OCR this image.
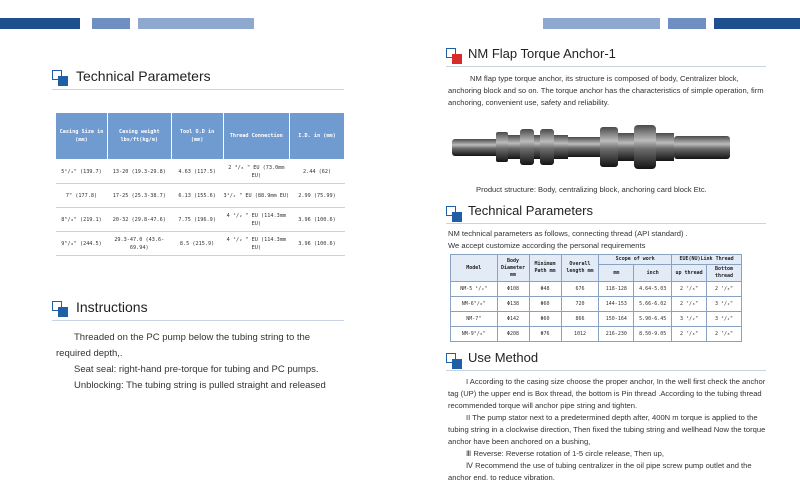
Technical Parameters
Casing Size in (mm)	Casing weight lbs/ft(kg/m)	Tool O.D in (mm)	Thread Connection	I.D. in (mm)
5¹/₂" (139.7)	13-20 (19.3-29.8)	4.63 (117.5)	2 ³/₈ " EU (73.0mm EU)	2.44 (62)
7" (177.8)	17-25 (25.3-38.7)	6.13 (155.6)	3¹/₂ " EU (88.9mm EU)	2.99 (75.99)
8⁵/₈" (219.1)	20-32 (29.8-47.6)	7.75 (196.9)	4 ¹/₂ " EU (114.3mm EU)	3.96 (100.6)
9⁵/₈" (244.5)	29.3-47.0 (43.6-69.94)	8.5 (215.9)	4 ¹/₂ " EU (114.3mm EU)	3.96 (100.6)
Instructions

Threaded on the PC pump below the tubing string to the required depth,.

Seat seal: right-hand pre-torque for tubing and PC pumps.

Unblocking: The tubing string is pulled straight and released

NM Flap Torque Anchor-1

NM flap type torque anchor, its structure is composed of body, Centralizer block, anchoring block and so on. The torque anchor has the characteristics of simple operation, firm anchoring, convenient use, safety and reliability.

Product structure: Body, centralizing block, anchoring card block Etc.
Technical Parameters

NM technical parameters as follows, connecting thread (API standard) .

We accept customize according the personal requirements

Model	Body Diameter mm	Minimum Path mm	Overall length mm	Scope of work		EUE(NU)Link Thread	
				mm	inch	up thread	Bottom thread
NM-5 ¹/₂"	Φ108	Φ48	676	118-128	4.64-5.03	2 ⁷/₈"	2 ⁷/₈"
NM-6⁵/₈"	Φ138	Φ60	720	144-153	5.66-6.02	2 ⁷/₈"	3 ¹/₂"
NM-7"	Φ142	Φ60	866	150-164	5.90-6.45	3 ¹/₂"	3 ¹/₂"
NM-9⁵/₈"	Φ208	Φ76	1012	216-230	8.50-9.05	2 ⁷/₈"	2 ⁷/₈"
Use Method

I According to the casing size choose the proper anchor, In the well first check the anchor tag (UP) the upper end is Box thread, the bottom is Pin thread .According to the tubing thread recommended torque will anchor pipe string and tighten.

II The pump stator next to a predetermined depth after, 400N m torque is applied to the tubing string in a clockwise direction, Then fixed the tubing string and wellhead Now the torque anchor have been anchored on a bushing,

Ⅲ Reverse: Reverse rotation of 1-5 circle release, Then up,

Ⅳ Recommend the use of tubing centralizer in the oil pipe screw pump outlet and the anchor end. to reduce vibration.
